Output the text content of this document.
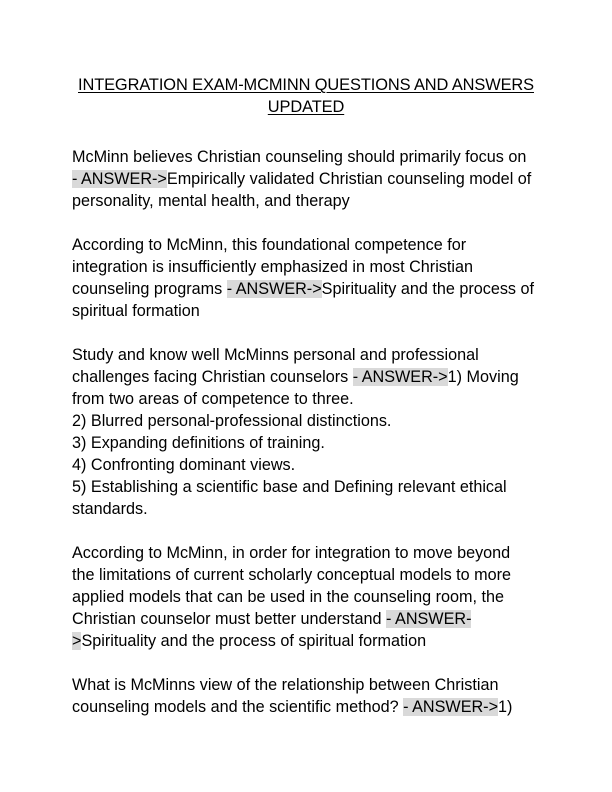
INTEGRATION EXAM-MCMINN QUESTIONS AND ANSWERS
UPDATED
McMinn believes Christian counseling should primarily focus on
- ANSWER->Empirically validated Christian counseling model of
personality, mental health, and therapy
According to McMinn, this foundational competence for
integration is insufficiently emphasized in most Christian
counseling programs - ANSWER->Spirituality and the process of
spiritual formation
Study and know well McMinns personal and professional
challenges facing Christian counselors - ANSWER->1) Moving
from two areas of competence to three.
2) Blurred personal-professional distinctions.
3) Expanding definitions of training.
4) Confronting dominant views.
5) Establishing a scientific base and Defining relevant ethical
standards.
According to McMinn, in order for integration to move beyond
the limitations of current scholarly conceptual models to more
applied models that can be used in the counseling room, the
Christian counselor must better understand - ANSWER-
>Spirituality and the process of spiritual formation
What is McMinns view of the relationship between Christian
counseling models and the scientific method? - ANSWER->1)
